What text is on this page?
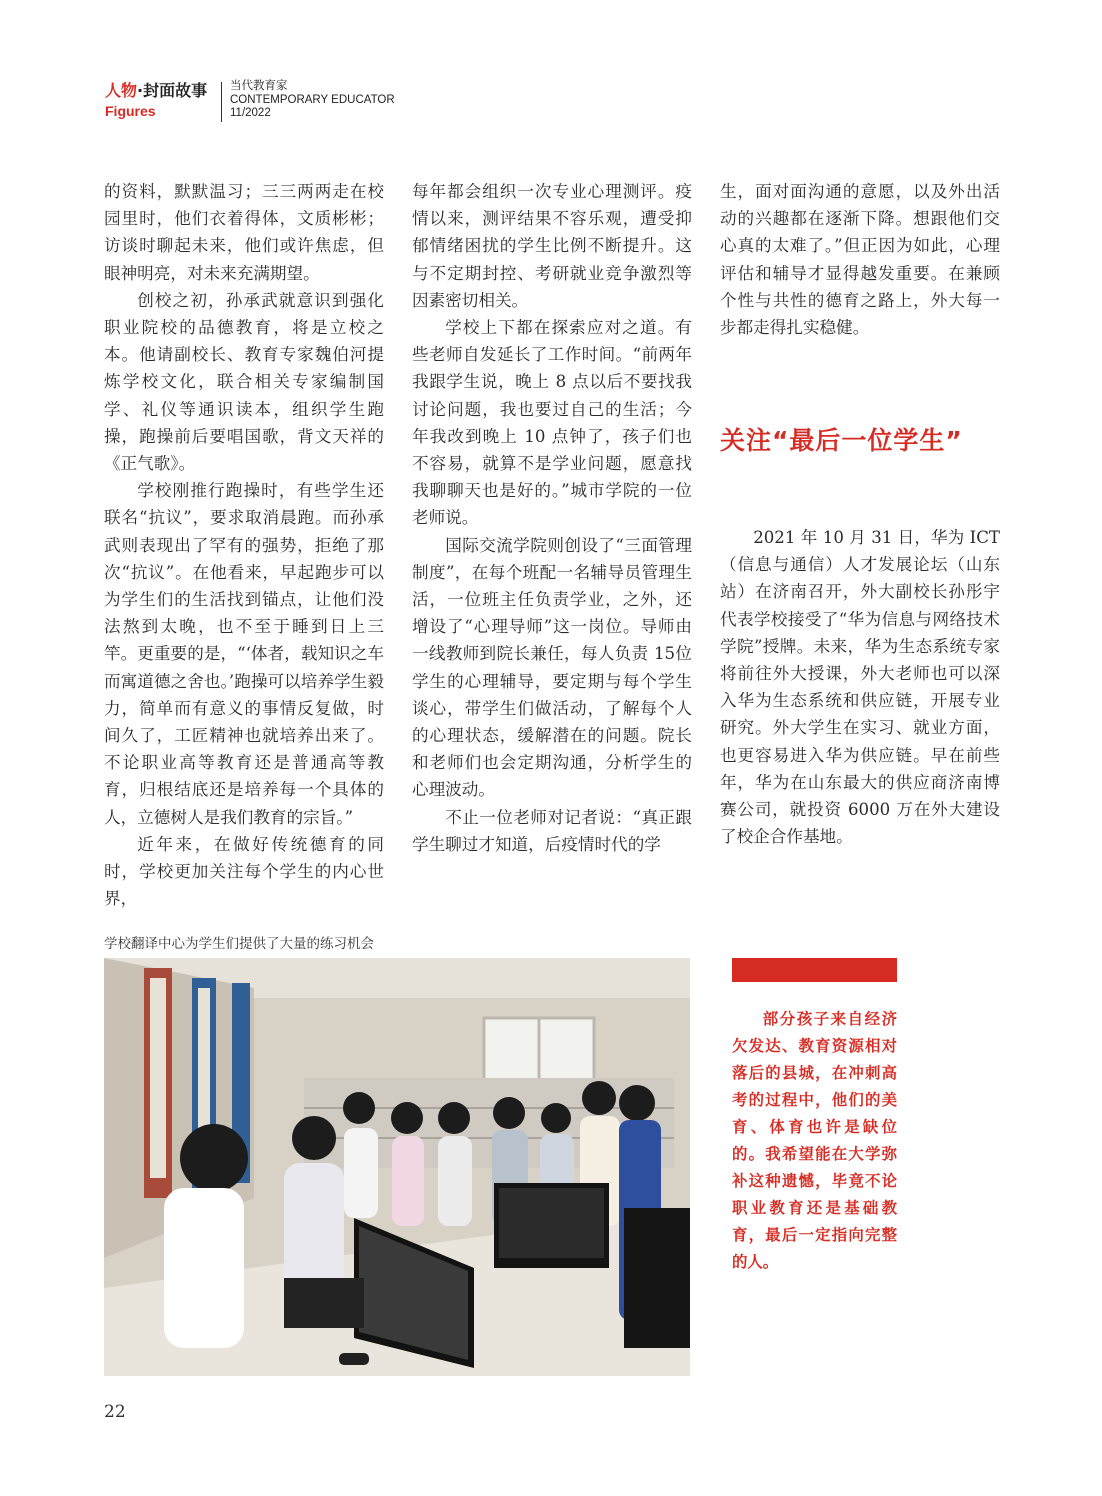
人物·封面故事
Figures
当代教育家
CONTEMPORARY EDUCATOR
11/2022

的资料，默默温习；三三两两走在校园里时，他们衣着得体，文质彬彬；访谈时聊起未来，他们或许焦虑，但眼神明亮，对未来充满期望。

创校之初，孙承武就意识到强化职业院校的品德教育，将是立校之本。他请副校长、教育专家魏伯河提炼学校文化，联合相关专家编制国学、礼仪等通识读本，组织学生跑操，跑操前后要唱国歌，背文天祥的《正气歌》。

学校刚推行跑操时，有些学生还联名“抗议”，要求取消晨跑。而孙承武则表现出了罕有的强势，拒绝了那次“抗议”。在他看来，早起跑步可以为学生们的生活找到锚点，让他们没法熬到太晚，也不至于睡到日上三竿。更重要的是，“‘体者，载知识之车而寓道德之舍也。’跑操可以培养学生毅力，简单而有意义的事情反复做，时间久了，工匠精神也就培养出来了。不论职业高等教育还是普通高等教育，归根结底还是培养每一个具体的人，立德树人是我们教育的宗旨。”

近年来，在做好传统德育的同时，学校更加关注每个学生的内心世界，

每年都会组织一次专业心理测评。疫情以来，测评结果不容乐观，遭受抑郁情绪困扰的学生比例不断提升。这与不定期封控、考研就业竞争激烈等因素密切相关。

学校上下都在探索应对之道。有些老师自发延长了工作时间。“前两年我跟学生说，晚上 8 点以后不要找我讨论问题，我也要过自己的生活；今年我改到晚上 10 点钟了，孩子们也不容易，就算不是学业问题，愿意找我聊聊天也是好的。”城市学院的一位老师说。

国际交流学院则创设了“三面管理制度”，在每个班配一名辅导员管理生活，一位班主任负责学业，之外，还增设了“心理导师”这一岗位。导师由一线教师到院长兼任，每人负责 15位学生的心理辅导，要定期与每个学生谈心，带学生们做活动，了解每个人的心理状态，缓解潜在的问题。院长和老师们也会定期沟通，分析学生的心理波动。

不止一位老师对记者说：“真正跟学生聊过才知道，后疫情时代的学

生，面对面沟通的意愿，以及外出活动的兴趣都在逐渐下降。想跟他们交心真的太难了。”但正因为如此，心理评估和辅导才显得越发重要。在兼顾个性与共性的德育之路上，外大每一步都走得扎实稳健。

关注“最后一位学生”

2021 年 10 月 31 日，华为 ICT（信息与通信）人才发展论坛（山东站）在济南召开，外大副校长孙彤宇代表学校接受了“华为信息与网络技术学院”授牌。未来，华为生态系统专家将前往外大授课，外大老师也可以深入华为生态系统和供应链，开展专业研究。外大学生在实习、就业方面，也更容易进入华为供应链。早在前些年，华为在山东最大的供应商济南博赛公司，就投资 6000 万在外大建设了校企合作基地。

学校翻译中心为学生们提供了大量的练习机会

部分孩子来自经济欠发达、教育资源相对落后的县城，在冲刺高考的过程中，他们的美育、体育也许是缺位的。我希望能在大学弥补这种遗憾，毕竟不论职业教育还是基础教育，最后一定指向完整的人。

22
